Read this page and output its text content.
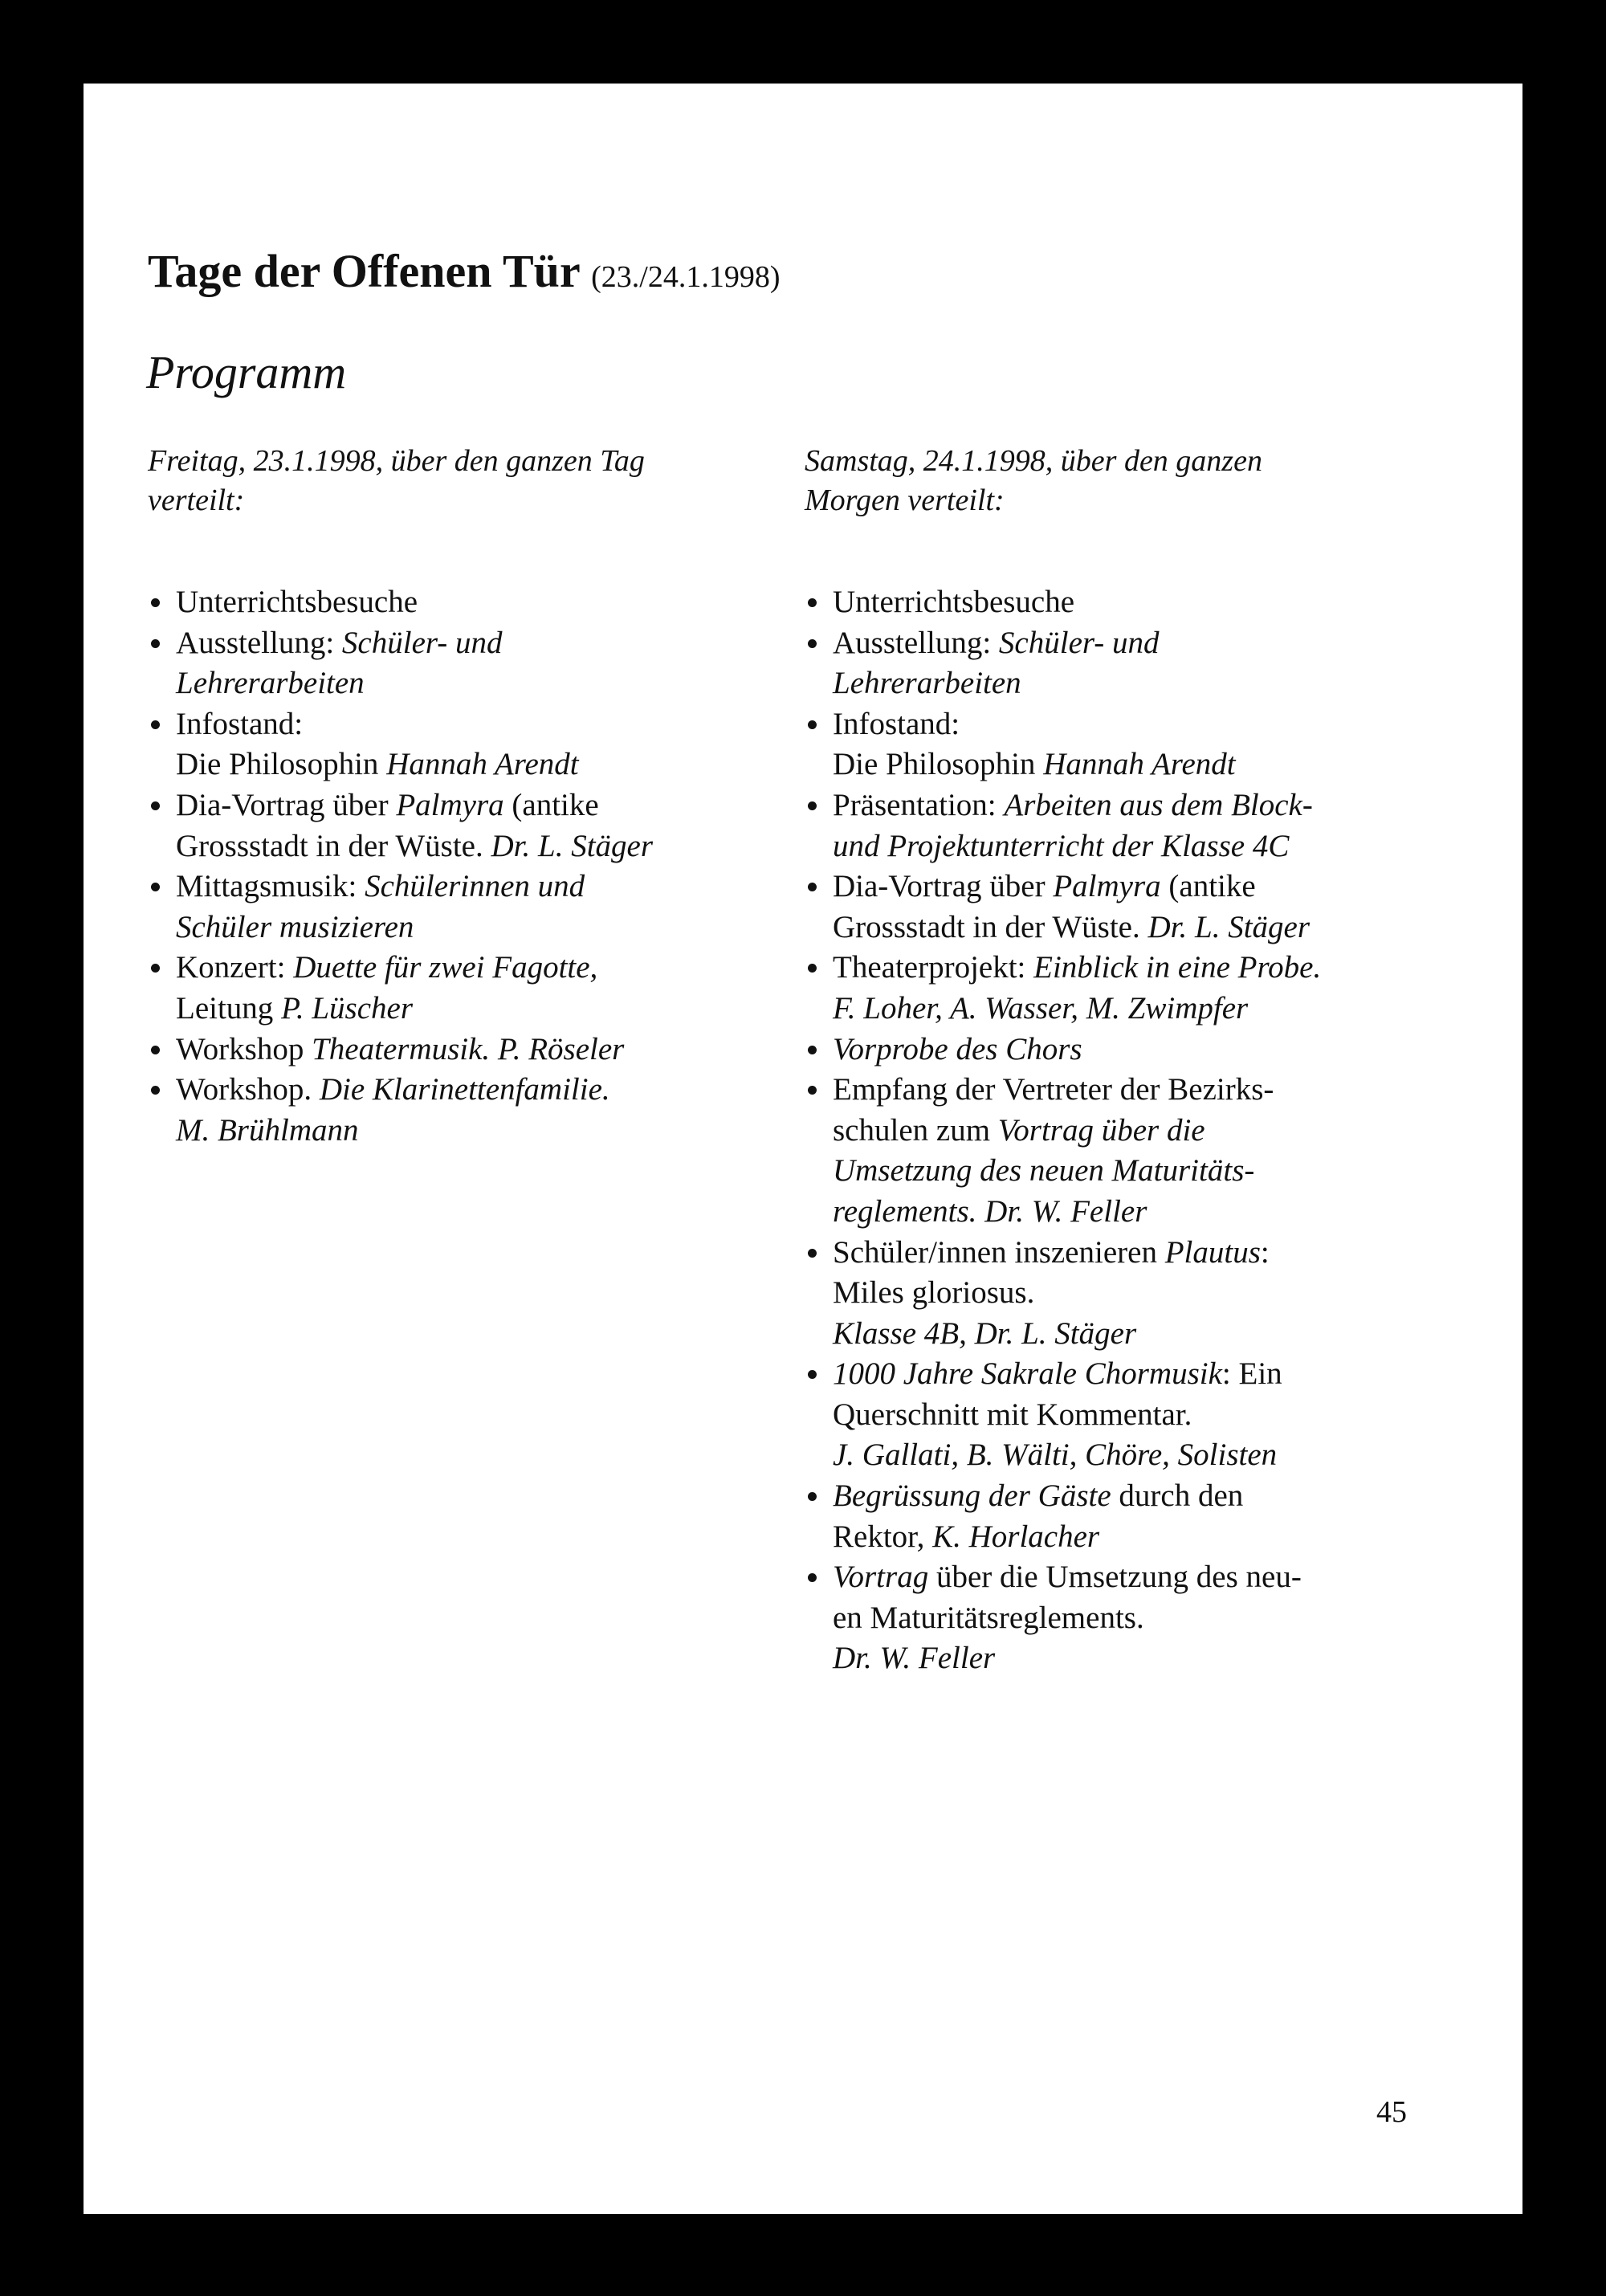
Tage der Offenen Tür (23./24.1.1998)
Programm
Freitag, 23.1.1998, über den ganzen Tag
verteilt:
Unterrichtsbesuche
Ausstellung: Schüler- und
Lehrerarbeiten
Infostand:
Die Philosophin Hannah Arendt
Dia-Vortrag über Palmyra (antike
Grossstadt in der Wüste. Dr. L. Stäger
Mittagsmusik: Schülerinnen und
Schüler musizieren
Konzert: Duette für zwei Fagotte,
Leitung P. Lüscher
Workshop Theatermusik. P. Röseler
Workshop. Die Klarinettenfamilie.
M. Brühlmann
Samstag, 24.1.1998, über den ganzen
Morgen verteilt:
Unterrichtsbesuche
Ausstellung: Schüler- und
Lehrerarbeiten
Infostand:
Die Philosophin Hannah Arendt
Präsentation: Arbeiten aus dem Block-
und Projektunterricht der Klasse 4C
Dia-Vortrag über Palmyra (antike
Grossstadt in der Wüste. Dr. L. Stäger
Theaterprojekt: Einblick in eine Probe.
F. Loher, A. Wasser, M. Zwimpfer
Vorprobe des Chors
Empfang der Vertreter der Bezirks-
schulen zum Vortrag über die
Umsetzung des neuen Maturitäts-
reglements. Dr. W. Feller
Schüler/innen inszenieren Plautus:
Miles gloriosus.
Klasse 4B, Dr. L. Stäger
1000 Jahre Sakrale Chormusik: Ein
Querschnitt mit Kommentar.
J. Gallati, B. Wälti, Chöre, Solisten
Begrüssung der Gäste durch den
Rektor, K. Horlacher
Vortrag über die Umsetzung des neu-
en Maturitätsreglements.
Dr. W. Feller
45
